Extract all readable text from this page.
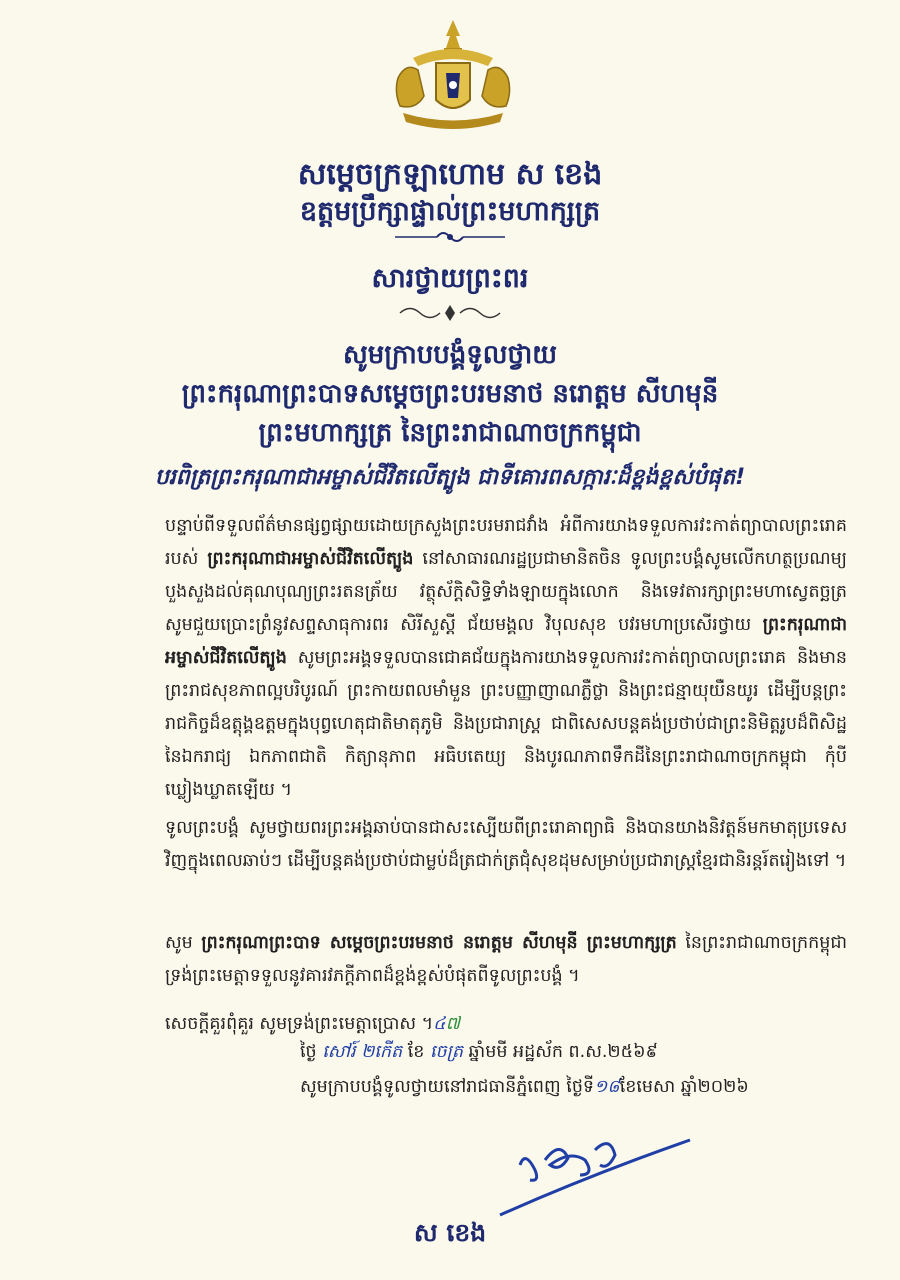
សម្ដេចក្រឡាហោម ស ខេង
ឧត្តមប្រឹក្សាផ្ទាល់ព្រះមហាក្សត្រ
សារថ្វាយព្រះពរ
សូមក្រាបបង្គំទូលថ្វាយ
ព្រះករុណាព្រះបាទសម្ដេចព្រះបរមនាថ នរោត្តម សីហមុនី
ព្រះមហាក្សត្រ នៃព្រះរាជាណាចក្រកម្ពុជា
បរពិត្រព្រះករុណាជាអម្ចាស់ជីវិតលើត្បូង ជាទីគោរពសក្ការៈដ៏ខ្ពង់ខ្ពស់បំផុត!
បន្ទាប់ពីទទួលព័ត៌មានផ្សព្វផ្សាយដោយក្រសួងព្រះបរមរាជវាំង អំពីការយាងទទួលការវះកាត់ព្យាបាលព្រះរោគរបស់ ព្រះករុណាជាអម្ចាស់ជីវិតលើត្បូង នៅសាធារណរដ្ឋប្រជាមានិតចិន ទូលព្រះបង្គំសូមលើកហត្ថប្រណម្យបួងសួងដល់គុណបុណ្យព្រះរតនត្រ័យ វត្ថុស័ក្តិសិទ្ធិទាំងឡាយក្នុងលោក និងទេវតារក្សាព្រះមហាស្វេតច្ឆត្រ សូមជួយប្រោះព្រំនូវសព្ទសាធុការពរ សិរីសួស្តី ជ័យមង្គល វិបុលសុខ បវរមហាប្រសើរថ្វាយ ព្រះករុណាជាអម្ចាស់ជីវិតលើត្បូង សូមព្រះអង្គទទួលបានជោគជ័យក្នុងការយាងទទួលការវះកាត់ព្យាបាលព្រះរោគ និងមានព្រះរាជសុខភាពល្អបរិបូរណ៍ ព្រះកាយពលមាំមួន ព្រះបញ្ញាញាណភ្លឺថ្លា និងព្រះជន្មាយុយឺនយូរ ដើម្បីបន្តព្រះរាជកិច្ចដ៏ឧត្តុង្គឧត្តមក្នុងបុព្វហេតុជាតិមាតុភូមិ និងប្រជារាស្ត្រ ជាពិសេសបន្តគង់ប្រថាប់ជាព្រះនិមិត្តរូបដ៏ពិសិដ្ឋនៃឯករាជ្យ ឯកភាពជាតិ កិត្យានុភាព អធិបតេយ្យ និងបូរណភាពទឹកដីនៃព្រះរាជាណាចក្រកម្ពុជា កុំបីឃ្លៀងឃ្លាតឡើយ ។
ទូលព្រះបង្គំ សូមថ្វាយពរព្រះអង្គឆាប់បានជាសះស្បើយពីព្រះរោគាព្យាធិ និងបានយាងនិវត្តន៍មកមាតុប្រទេសវិញក្នុងពេលឆាប់ៗ ដើម្បីបន្តគង់ប្រថាប់ជាម្លប់ដ៏ត្រជាក់ត្រជុំសុខដុមសម្រាប់ប្រជារាស្ត្រខ្មែរជានិរន្តរ៍តរៀងទៅ ។
សូម ព្រះករុណាព្រះបាទ សម្ដេចព្រះបរមនាថ នរោត្តម សីហមុនី ព្រះមហាក្សត្រ នៃព្រះរាជាណាចក្រកម្ពុជា ទ្រង់ព្រះមេត្តាទទួលនូវគារវភក្តីភាពដ៏ខ្ពង់ខ្ពស់បំផុតពីទូលព្រះបង្គំ ។
សេចក្ដីគួរពុំគួរ សូមទ្រង់ព្រះមេត្តាប្រោស ។៤៧
ថ្ងៃ សៅរ៍ ២កើត ខែ ចេត្រ ឆ្នាំមមី អដ្ឋស័ក ព.ស.២៥៦៩
សូមក្រាបបង្គំទូលថ្វាយនៅរាជធានីភ្នំពេញ ថ្ងៃទី១៨ខែមេសា ឆ្នាំ២០២៦
ស ខេង
